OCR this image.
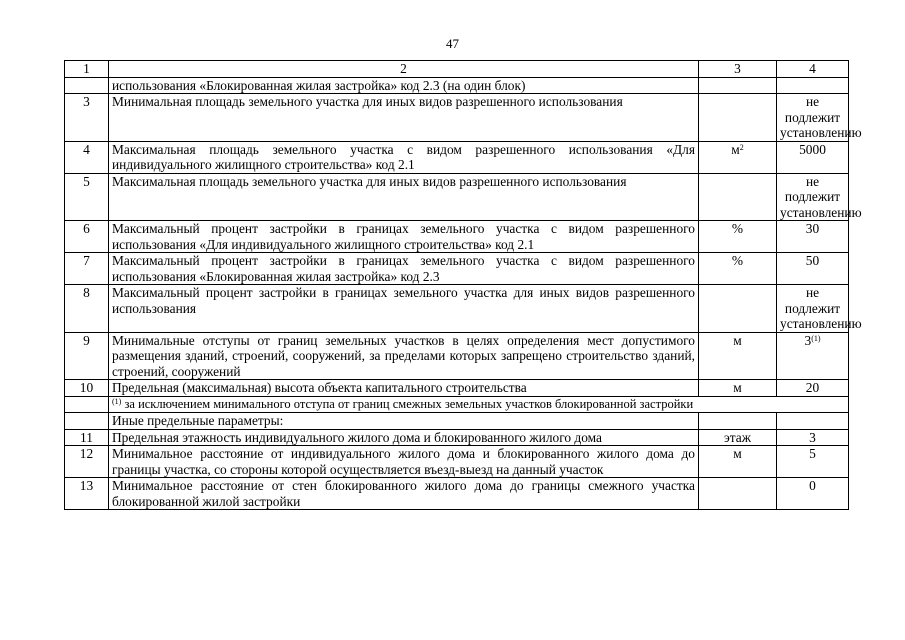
47
1	2	3	4
	использования «Блокированная жилая застройка» код 2.3 (на один блок)		
3	Минимальная площадь земельного участка для иных видов разрешенного использования		не подлежит установлению
4	Максимальная площадь земельного участка с видом разрешенного использования «Для индивидуального жилищного строительства» код 2.1	$м^2$	5000
5	Максимальная площадь земельного участка для иных видов разрешенного использования		не подлежит установлению
6	Максимальный процент застройки в границах земельного участка с видом разрешенного использования «Для индивидуального жилищного строительства» код 2.1	%	30
7	Максимальный процент застройки в границах земельного участка с видом разрешенного использования «Блокированная жилая застройка» код 2.3	%	50
8	Максимальный процент застройки в границах земельного участка для иных видов разрешенного использования		не подлежит установлению
9	Минимальные отступы от границ земельных участков в целях определения мест допустимого размещения зданий, строений, сооружений, за пределами которых запрещено строительство зданий, строений, сооружений	м	3$^{(1)}$
10	Предельная (максимальная) высота объекта капитального строительства	м	20
	$^{(1)}$ за исключением минимального отступа от границ смежных земельных участков блокированной застройки		
	Иные предельные параметры:		
11	Предельная этажность индивидуального жилого дома и блокированного жилого дома	этаж	3
12	Минимальное расстояние от индивидуального жилого дома и блокированного жилого дома до границы участка, со стороны которой осуществляется въезд-выезд на данный участок	м	5
13	Минимальное расстояние от стен блокированного жилого дома до границы смежного участка блокированной жилой застройки		0
